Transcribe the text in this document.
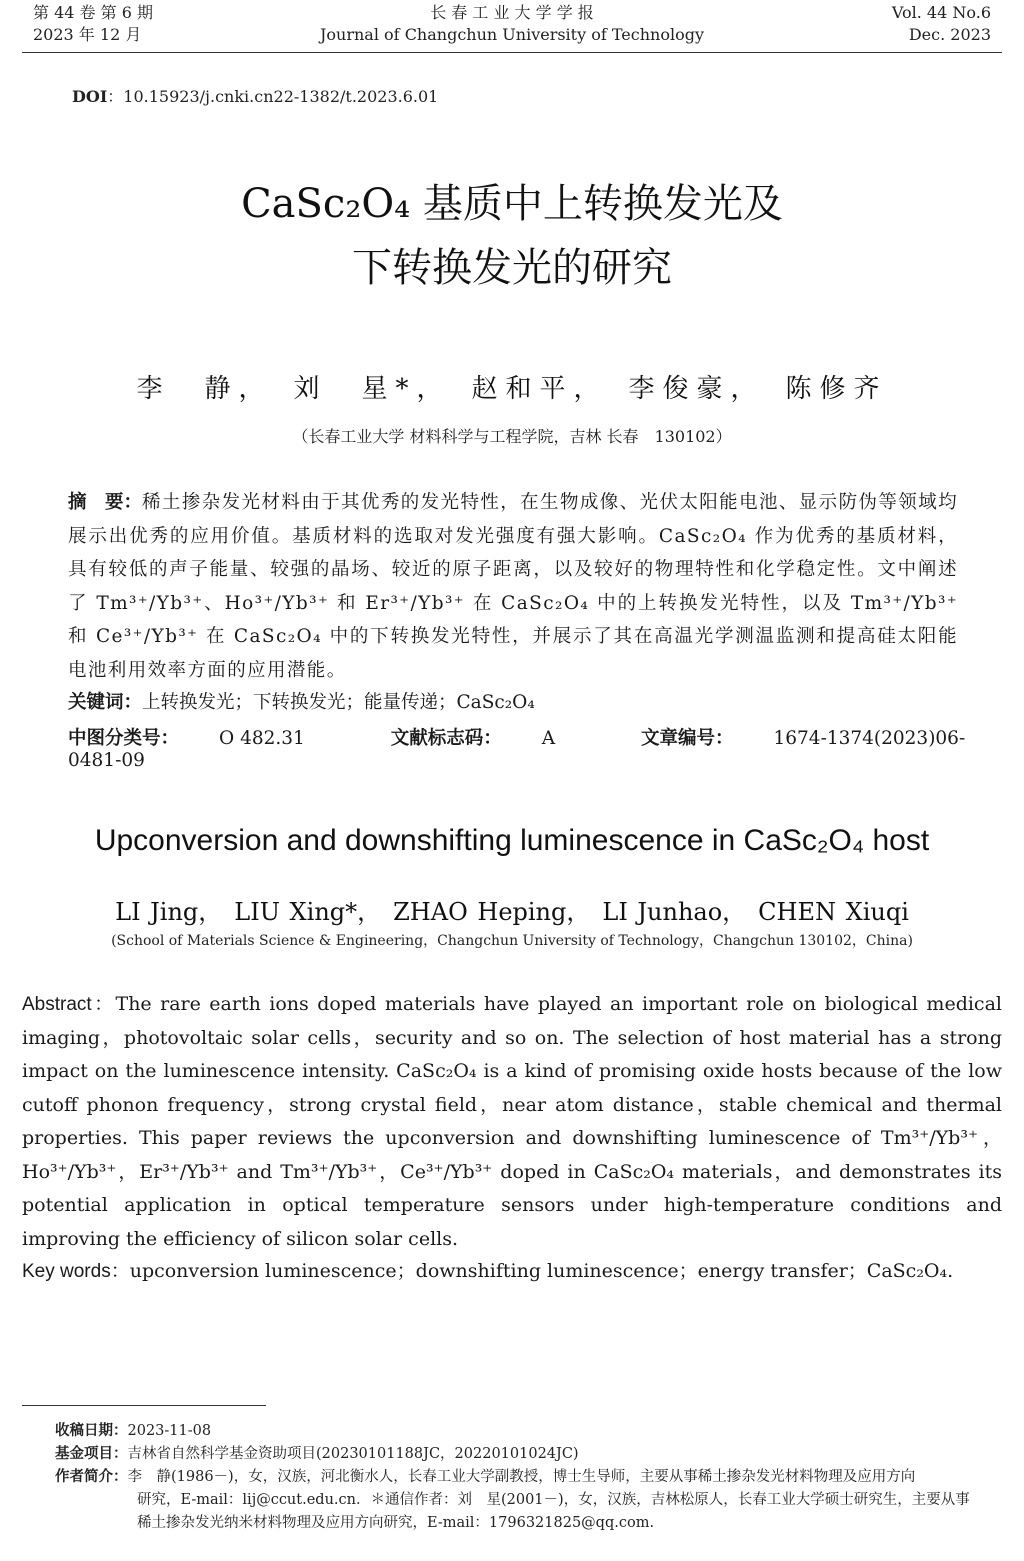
第 44 卷 第 6 期
2023 年 12 月
长 春 工 业 大 学 学 报
Journal of Changchun University of Technology
Vol. 44 No.6
Dec. 2023
DOI：10.15923/j.cnki.cn22-1382/t.2023.6.01
CaSc₂O₄ 基质中上转换发光及
下转换发光的研究
李　静，　刘　星*，　赵和平，　李俊豪，　陈修齐
（长春工业大学 材料科学与工程学院，吉林 长春　130102）
摘　要：稀土掺杂发光材料由于其优秀的发光特性，在生物成像、光伏太阳能电池、显示防伪等领域均展示出优秀的应用价值。基质材料的选取对发光强度有强大影响。CaSc₂O₄ 作为优秀的基质材料，具有较低的声子能量、较强的晶场、较近的原子距离，以及较好的物理特性和化学稳定性。文中阐述了 Tm³⁺/Yb³⁺、Ho³⁺/Yb³⁺ 和 Er³⁺/Yb³⁺ 在 CaSc₂O₄ 中的上转换发光特性，以及 Tm³⁺/Yb³⁺ 和 Ce³⁺/Yb³⁺ 在 CaSc₂O₄ 中的下转换发光特性，并展示了其在高温光学测温监测和提高硅太阳能电池利用效率方面的应用潜能。
关键词：上转换发光；下转换发光；能量传递；CaSc₂O₄
中图分类号： O 482.31	文献标志码： A	文章编号： 1674-1374(2023)06-0481-09
Upconversion and downshifting luminescence in CaSc₂O₄ host
LI Jing，　LIU Xing*，　ZHAO Heping，　LI Junhao，　CHEN Xiuqi
(School of Materials Science & Engineering，Changchun University of Technology，Changchun 130102，China)
Abstract：The rare earth ions doped materials have played an important role on biological medical imaging，photovoltaic solar cells，security and so on. The selection of host material has a strong impact on the luminescence intensity. CaSc₂O₄ is a kind of promising oxide hosts because of the low cutoff phonon frequency，strong crystal field，near atom distance，stable chemical and thermal properties. This paper reviews the upconversion and downshifting luminescence of Tm³⁺/Yb³⁺，Ho³⁺/Yb³⁺，Er³⁺/Yb³⁺ and Tm³⁺/Yb³⁺，Ce³⁺/Yb³⁺ doped in CaSc₂O₄ materials，and demonstrates its potential application in optical temperature sensors under high-temperature conditions and improving the efficiency of silicon solar cells.
Key words：upconversion luminescence；downshifting luminescence；energy transfer；CaSc₂O₄.
收稿日期：2023-11-08
基金项目：吉林省自然科学基金资助项目(20230101188JC，20220101024JC)
作者简介：李　静(1986－)，女，汉族，河北衡水人，长春工业大学副教授，博士生导师，主要从事稀土掺杂发光材料物理及应用方向
研究，E-mail：lij@ccut.edu.cn．＊通信作者：刘　星(2001－)，女，汉族，吉林松原人，长春工业大学硕士研究生，主要从事
稀土掺杂发光纳米材料物理及应用方向研究，E-mail：1796321825@qq.com.
